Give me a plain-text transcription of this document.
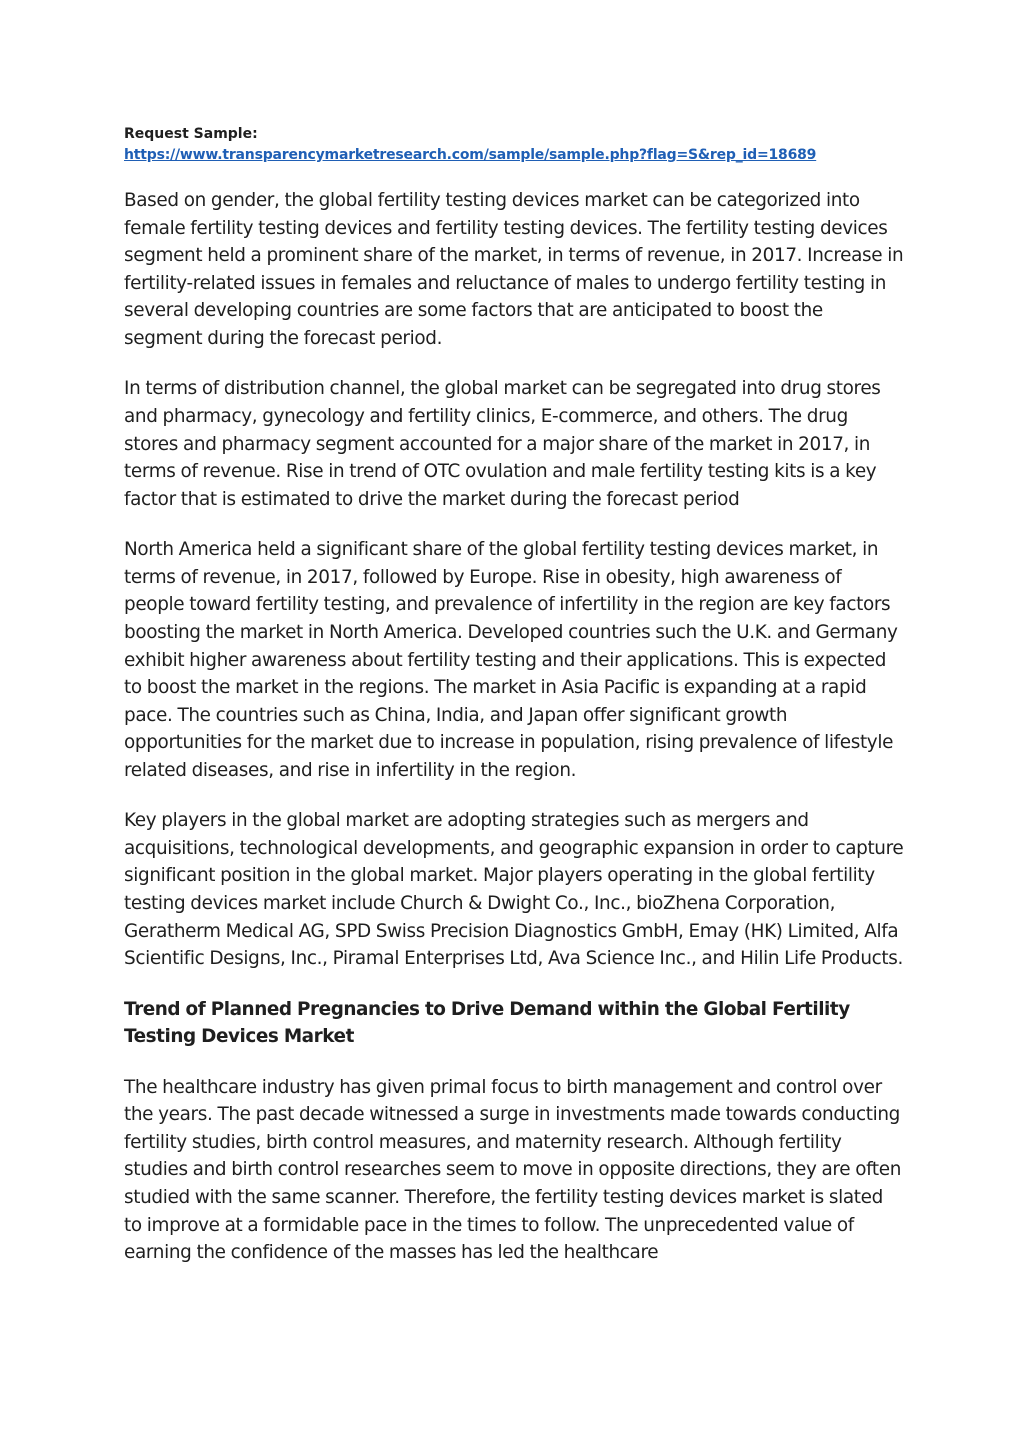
Request Sample:

https://www.transparencymarketresearch.com/sample/sample.php?flag=S&rep_id=18689

Based on gender, the global fertility testing devices market can be categorized into female fertility testing devices and fertility testing devices. The fertility testing devices segment held a prominent share of the market, in terms of revenue, in 2017. Increase in fertility-related issues in females and reluctance of males to undergo fertility testing in several developing countries are some factors that are anticipated to boost the segment during the forecast period.

In terms of distribution channel, the global market can be segregated into drug stores and pharmacy, gynecology and fertility clinics, E-commerce, and others. The drug stores and pharmacy segment accounted for a major share of the market in 2017, in terms of revenue. Rise in trend of OTC ovulation and male fertility testing kits is a key factor that is estimated to drive the market during the forecast period

North America held a significant share of the global fertility testing devices market, in terms of revenue, in 2017, followed by Europe. Rise in obesity, high awareness of people toward fertility testing, and prevalence of infertility in the region are key factors boosting the market in North America. Developed countries such the U.K. and Germany exhibit higher awareness about fertility testing and their applications. This is expected to boost the market in the regions. The market in Asia Pacific is expanding at a rapid pace. The countries such as China, India, and Japan offer significant growth opportunities for the market due to increase in population, rising prevalence of lifestyle related diseases, and rise in infertility in the region.

Key players in the global market are adopting strategies such as mergers and acquisitions, technological developments, and geographic expansion in order to capture significant position in the global market. Major players operating in the global fertility testing devices market include Church & Dwight Co., Inc., bioZhena Corporation, Geratherm Medical AG, SPD Swiss Precision Diagnostics GmbH, Emay (HK) Limited, Alfa Scientific Designs, Inc., Piramal Enterprises Ltd, Ava Science Inc., and Hilin Life Products.

Trend of Planned Pregnancies to Drive Demand within the Global Fertility Testing Devices Market

The healthcare industry has given primal focus to birth management and control over the years. The past decade witnessed a surge in investments made towards conducting fertility studies, birth control measures, and maternity research. Although fertility studies and birth control researches seem to move in opposite directions, they are often studied with the same scanner. Therefore, the fertility testing devices market is slated to improve at a formidable pace in the times to follow. The unprecedented value of earning the confidence of the masses has led the healthcare
